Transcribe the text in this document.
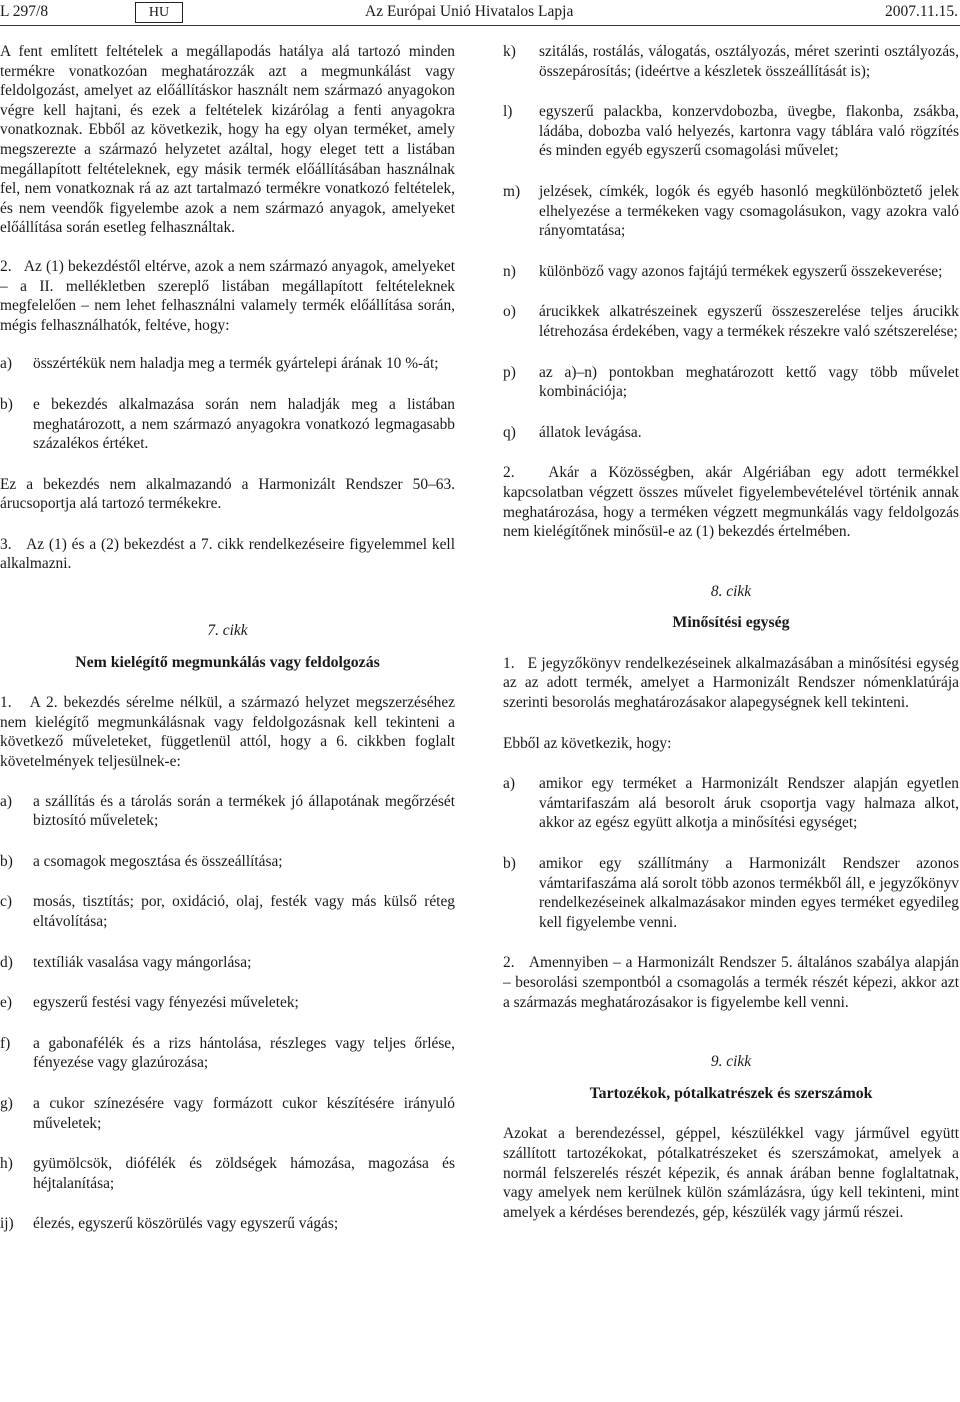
L 297/8	HU	Az Európai Unió Hivatalos Lapja	2007.11.15.

A fent említett feltételek a megállapodás hatálya alá tartozó minden termékre vonatkozóan meghatározzák azt a megmunkálást vagy feldolgozást, amelyet az előállításkor használt nem származó anyagokon végre kell hajtani, és ezek a feltételek kizárólag a fenti anyagokra vonatkoznak. Ebből az következik, hogy ha egy olyan terméket, amely megszerezte a származó helyzetet azáltal, hogy eleget tett a listában megállapított feltételeknek, egy másik termék előállításában használnak fel, nem vonatkoznak rá az azt tartalmazó termékre vonatkozó feltételek, és nem veendők figyelembe azok a nem származó anyagok, amelyeket előállítása során esetleg felhasználtak.

2.   Az (1) bekezdéstől eltérve, azok a nem származó anyagok, amelyeket – a II. mellékletben szereplő listában megállapított feltételeknek megfelelően – nem lehet felhasználni valamely termék előállítása során, mégis felhasználhatók, feltéve, hogy:

a) összértékük nem haladja meg a termék gyártelepi árának 10 %-át;
b) e bekezdés alkalmazása során nem haladják meg a listában meghatározott, a nem származó anyagokra vonatkozó legmagasabb százalékos értéket.

Ez a bekezdés nem alkalmazandó a Harmonizált Rendszer 50–63. árucsoportja alá tartozó termékekre.

3.   Az (1) és a (2) bekezdést a 7. cikk rendelkezéseire figyelemmel kell alkalmazni.

7. cikk
Nem kielégítő megmunkálás vagy feldolgozás

1.   A 2. bekezdés sérelme nélkül, a származó helyzet megszerzéséhez nem kielégítő megmunkálásnak vagy feldolgozásnak kell tekinteni a következő műveleteket, függetlenül attól, hogy a 6. cikkben foglalt követelmények teljesülnek-e:

a) a szállítás és a tárolás során a termékek jó állapotának megőrzését biztosító műveletek;
b) a csomagok megosztása és összeállítása;
c) mosás, tisztítás; por, oxidáció, olaj, festék vagy más külső réteg eltávolítása;
d) textíliák vasalása vagy mángorlása;
e) egyszerű festési vagy fényezési műveletek;
f) a gabonafélék és a rizs hántolása, részleges vagy teljes őrlése, fényezése vagy glazúrozása;
g) a cukor színezésére vagy formázott cukor készítésére irányuló műveletek;
h) gyümölcsök, diófélék és zöldségek hámozása, magozása és héjtalanítása;
ij) élezés, egyszerű köszörülés vagy egyszerű vágás;
k) szitálás, rostálás, válogatás, osztályozás, méret szerinti osztályozás, összepárosítás; (ideértve a készletek összeállítását is);
l) egyszerű palackba, konzervdobozba, üvegbe, flakonba, zsákba, ládába, dobozba való helyezés, kartonra vagy táblára való rögzítés és minden egyéb egyszerű csomagolási művelet;
m) jelzések, címkék, logók és egyéb hasonló megkülönböztető jelek elhelyezése a termékeken vagy csomagolásukon, vagy azokra való rányomtatása;
n) különböző vagy azonos fajtájú termékek egyszerű összekeverése;
o) árucikkek alkatrészeinek egyszerű összeszerelése teljes árucikk létrehozása érdekében, vagy a termékek részekre való szétszerelése;
p) az a)–n) pontokban meghatározott kettő vagy több művelet kombinációja;
q) állatok levágása.

2.   Akár a Közösségben, akár Algériában egy adott termékkel kapcsolatban végzett összes művelet figyelembevételével történik annak meghatározása, hogy a terméken végzett megmunkálás vagy feldolgozás nem kielégítőnek minősül-e az (1) bekezdés értelmében.

8. cikk
Minősítési egység

1.   E jegyzőkönyv rendelkezéseinek alkalmazásában a minősítési egység az az adott termék, amelyet a Harmonizált Rendszer nómenklatúrája szerinti besorolás meghatározásakor alapegységnek kell tekinteni.

Ebből az következik, hogy:

a) amikor egy terméket a Harmonizált Rendszer alapján egyetlen vámtarifaszám alá besorolt áruk csoportja vagy halmaza alkot, akkor az egész együtt alkotja a minősítési egységet;
b) amikor egy szállítmány a Harmonizált Rendszer azonos vámtarifaszáma alá sorolt több azonos termékből áll, e jegyzőkönyv rendelkezéseinek alkalmazásakor minden egyes terméket egyedileg kell figyelembe venni.

2.   Amennyiben – a Harmonizált Rendszer 5. általános szabálya alapján – besorolási szempontból a csomagolás a termék részét képezi, akkor azt a származás meghatározásakor is figyelembe kell venni.

9. cikk
Tartozékok, pótalkatrészek és szerszámok

Azokat a berendezéssel, géppel, készülékkel vagy járművel együtt szállított tartozékokat, pótalkatrészeket és szerszámokat, amelyek a normál felszerelés részét képezik, és annak árában benne foglaltatnak, vagy amelyek nem kerülnek külön számlázásra, úgy kell tekinteni, mint amelyek a kérdéses berendezés, gép, készülék vagy jármű részei.
